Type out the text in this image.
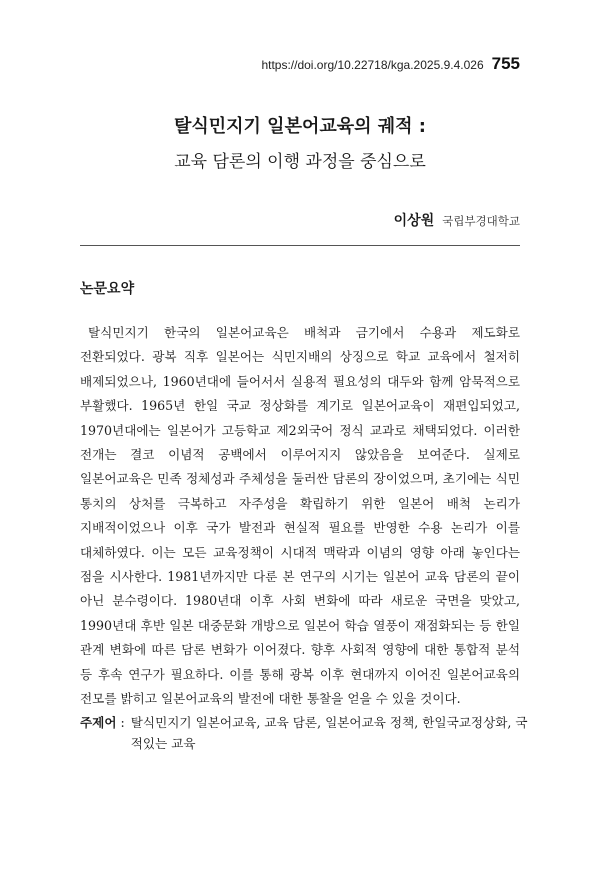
https://doi.org/10.22718/kga.2025.9.4.026 755

탈식민지기 일본어교육의 궤적 :

교육 담론의 이행 과정을 중심으로

이상원 국립부경대학교
논문요약

탈식민지기 한국의 일본어교육은 배척과 금기에서 수용과 제도화로 전환되었다. 광복 직후 일본어는 식민지배의 상징으로 학교 교육에서 철저히 배제되었으나, 1960년대에 들어서서 실용적 필요성의 대두와 함께 암묵적으로 부활했다. 1965년 한일 국교 정상화를 계기로 일본어교육이 재편입되었고, 1970년대에는 일본어가 고등학교 제2외국어 정식 교과로 채택되었다. 이러한 전개는 결코 이념적 공백에서 이루어지지 않았음을 보여준다. 실제로 일본어교육은 민족 정체성과 주체성을 둘러싼 담론의 장이었으며, 초기에는 식민 통치의 상처를 극복하고 자주성을 확립하기 위한 일본어 배척 논리가 지배적이었으나 이후 국가 발전과 현실적 필요를 반영한 수용 논리가 이를 대체하였다. 이는 모든 교육정책이 시대적 맥락과 이념의 영향 아래 놓인다는 점을 시사한다. 1981년까지만 다룬 본 연구의 시기는 일본어 교육 담론의 끝이 아닌 분수령이다. 1980년대 이후 사회 변화에 따라 새로운 국면을 맞았고, 1990년대 후반 일본 대중문화 개방으로 일본어 학습 열풍이 재점화되는 등 한일 관계 변화에 따른 담론 변화가 이어졌다. 향후 사회적 영향에 대한 통합적 분석 등 후속 연구가 필요하다. 이를 통해 광복 이후 현대까지 이어진 일본어교육의 전모를 밝히고 일본어교육의 발전에 대한 통찰을 얻을 수 있을 것이다.

주제어 : 탈식민지기 일본어교육, 교육 담론, 일본어교육 정책, 한일국교정상화, 국적있는 교육
